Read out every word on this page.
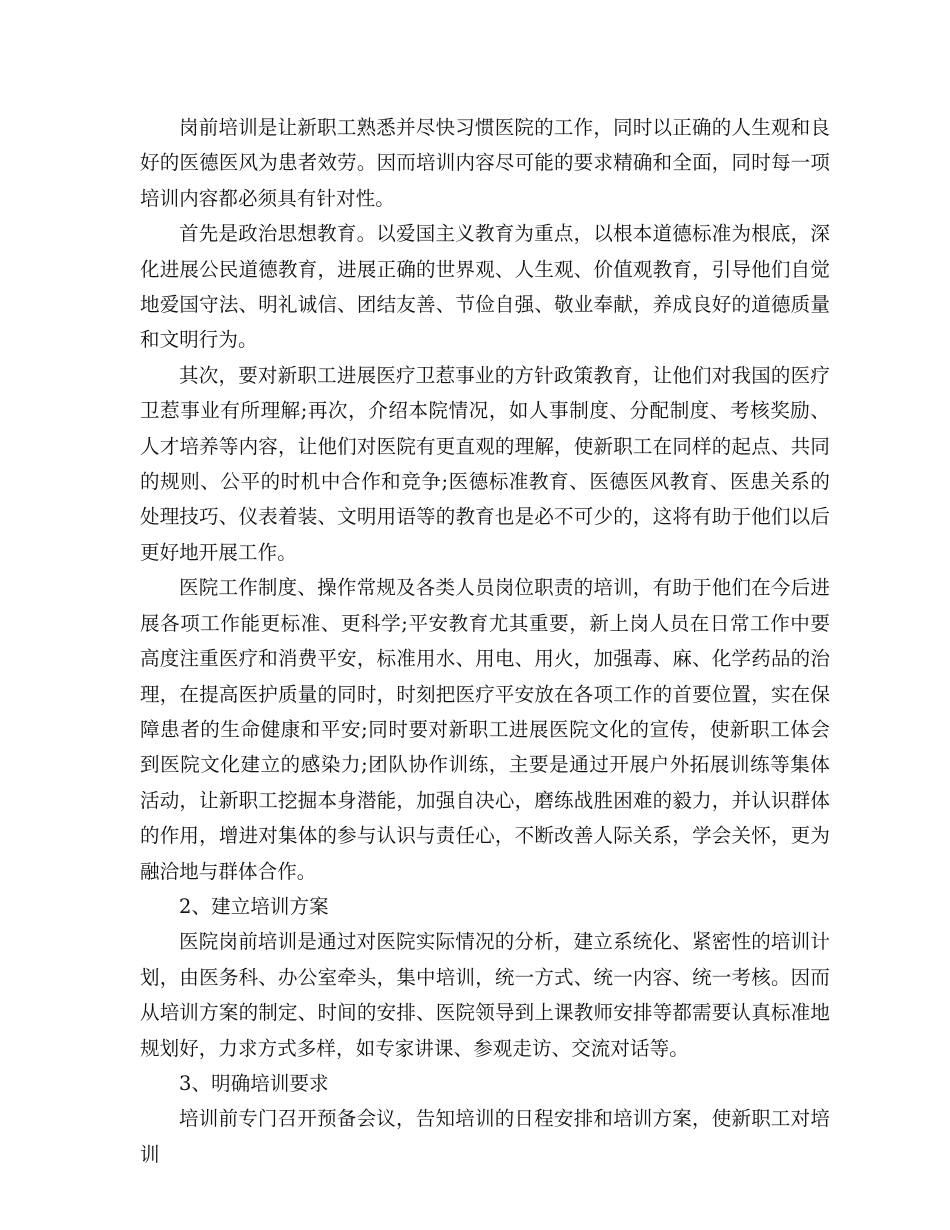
岗前培训是让新职工熟悉并尽快习惯医院的工作，同时以正确的人生观和良好的医德医风为患者效劳。因而培训内容尽可能的要求精确和全面，同时每一项培训内容都必须具有针对性。

首先是政治思想教育。以爱国主义教育为重点，以根本道德标准为根底，深化进展公民道德教育，进展正确的世界观、人生观、价值观教育，引导他们自觉地爱国守法、明礼诚信、团结友善、节俭自强、敬业奉献，养成良好的道德质量和文明行为。

其次，要对新职工进展医疗卫惹事业的方针政策教育，让他们对我国的医疗卫惹事业有所理解;再次，介绍本院情况，如人事制度、分配制度、考核奖励、人才培养等内容，让他们对医院有更直观的理解，使新职工在同样的起点、共同的规则、公平的时机中合作和竞争;医德标准教育、医德医风教育、医患关系的处理技巧、仪表着装、文明用语等的教育也是必不可少的，这将有助于他们以后更好地开展工作。

医院工作制度、操作常规及各类人员岗位职责的培训，有助于他们在今后进展各项工作能更标准、更科学;平安教育尤其重要，新上岗人员在日常工作中要高度注重医疗和消费平安，标准用水、用电、用火，加强毒、麻、化学药品的治理，在提高医护质量的同时，时刻把医疗平安放在各项工作的首要位置，实在保障患者的生命健康和平安;同时要对新职工进展医院文化的宣传，使新职工体会到医院文化建立的感染力;团队协作训练，主要是通过开展户外拓展训练等集体活动，让新职工挖掘本身潜能，加强自决心，磨练战胜困难的毅力，并认识群体的作用，增进对集体的参与认识与责任心，不断改善人际关系，学会关怀，更为融洽地与群体合作。

2、建立培训方案

医院岗前培训是通过对医院实际情况的分析，建立系统化、紧密性的培训计划，由医务科、办公室牵头，集中培训，统一方式、统一内容、统一考核。因而从培训方案的制定、时间的安排、医院领导到上课教师安排等都需要认真标准地规划好，力求方式多样，如专家讲课、参观走访、交流对话等。

3、明确培训要求

培训前专门召开预备会议，告知培训的日程安排和培训方案，使新职工对培训
